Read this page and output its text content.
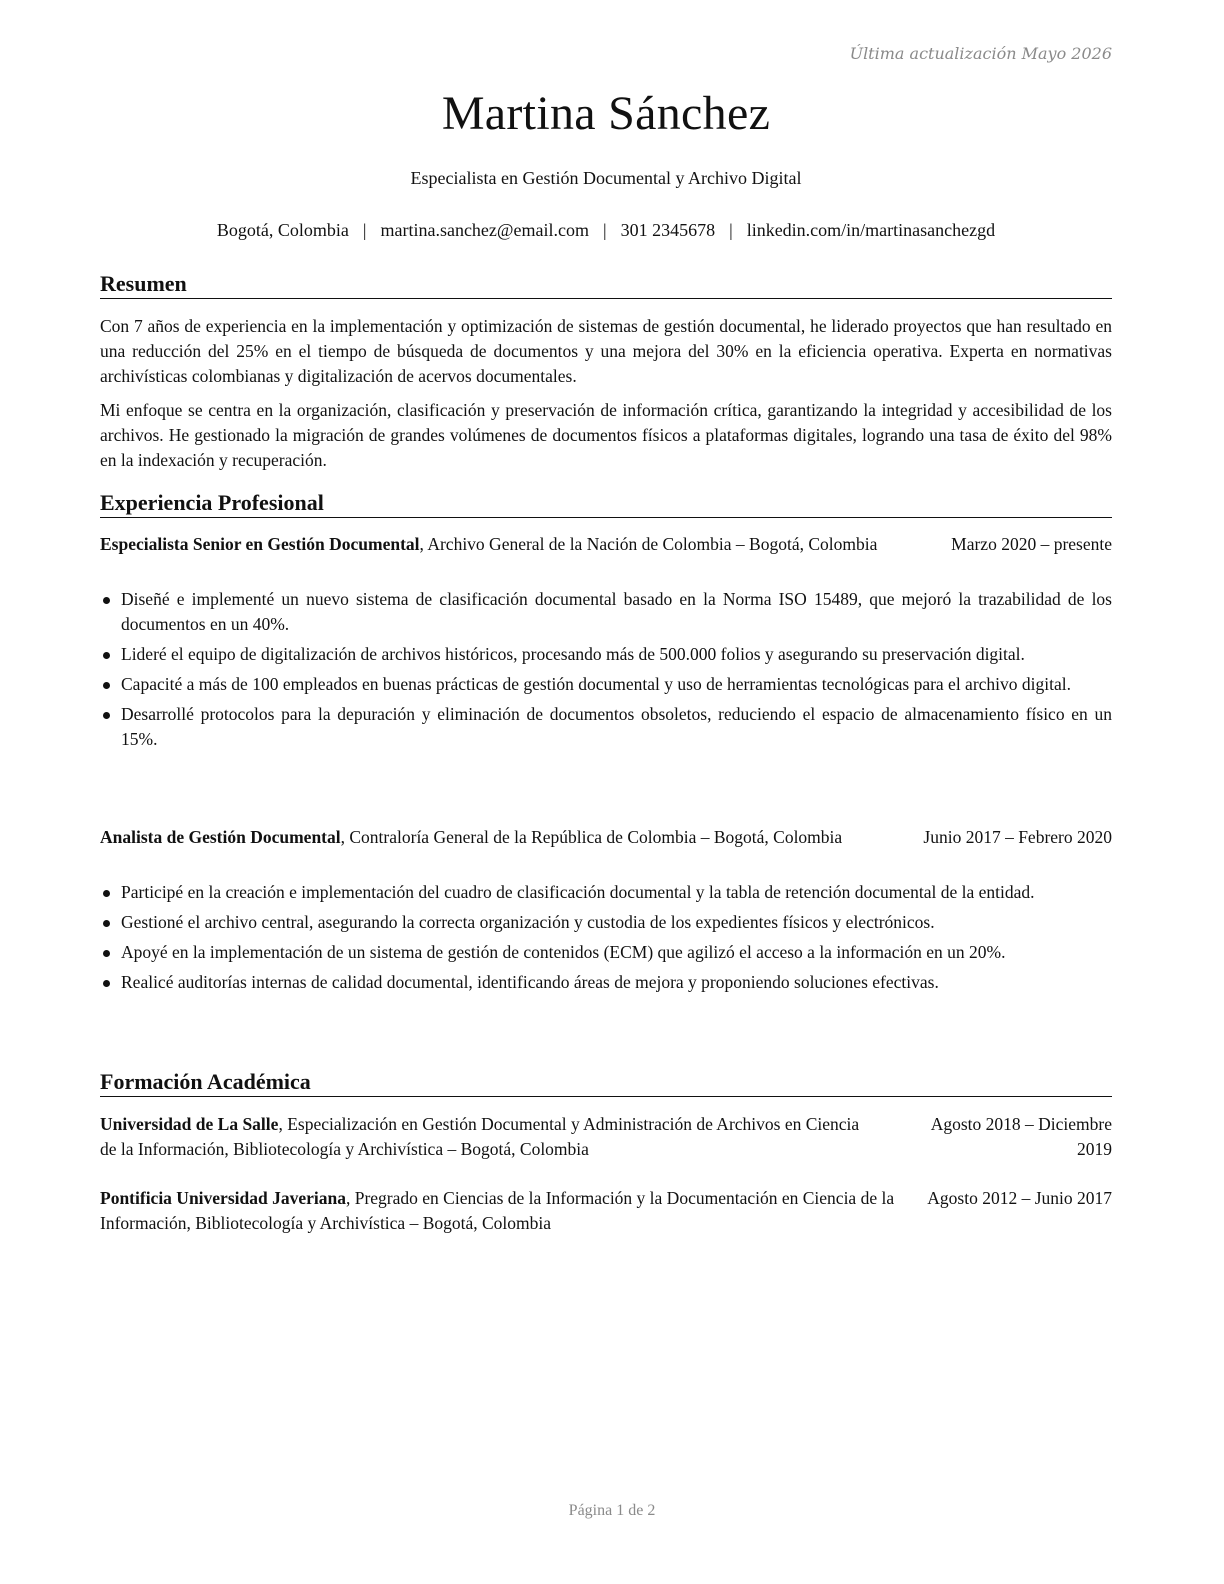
Última actualización Mayo 2026
Martina Sánchez
Especialista en Gestión Documental y Archivo Digital
Bogotá, Colombia | martina.sanchez@email.com | 301 2345678 | linkedin.com/in/martinasanchezgd
Resumen
Con 7 años de experiencia en la implementación y optimización de sistemas de gestión documental, he liderado proyectos que han resultado en una reducción del 25% en el tiempo de búsqueda de documentos y una mejora del 30% en la eficiencia operativa. Experta en normativas archivísticas colombianas y digitalización de acervos documentales.
Mi enfoque se centra en la organización, clasificación y preservación de información crítica, garantizando la integridad y accesibilidad de los archivos. He gestionado la migración de grandes volúmenes de documentos físicos a plataformas digitales, logrando una tasa de éxito del 98% en la indexación y recuperación.
Experiencia Profesional
Marzo 2020 – presente
Especialista Senior en Gestión Documental, Archivo General de la Nación de Colombia – Bogotá, Colombia
Diseñé e implementé un nuevo sistema de clasificación documental basado en la Norma ISO 15489, que mejoró la trazabilidad de los documentos en un 40%.
Lideré el equipo de digitalización de archivos históricos, procesando más de 500.000 folios y asegurando su preservación digital.
Capacité a más de 100 empleados en buenas prácticas de gestión documental y uso de herramientas tecnológicas para el archivo digital.
Desarrollé protocolos para la depuración y eliminación de documentos obsoletos, reduciendo el espacio de almacenamiento físico en un 15%.
Junio 2017 – Febrero 2020
Analista de Gestión Documental, Contraloría General de la República de Colombia – Bogotá, Colombia
Participé en la creación e implementación del cuadro de clasificación documental y la tabla de retención documental de la entidad.
Gestioné el archivo central, asegurando la correcta organización y custodia de los expedientes físicos y electrónicos.
Apoyé en la implementación de un sistema de gestión de contenidos (ECM) que agilizó el acceso a la información en un 20%.
Realicé auditorías internas de calidad documental, identificando áreas de mejora y proponiendo soluciones efectivas.
Formación Académica
Agosto 2018 – Diciembre 2019
Universidad de La Salle, Especialización en Gestión Documental y Administración de Archivos en Ciencia de la Información, Bibliotecología y Archivística – Bogotá, Colombia
Agosto 2012 – Junio 2017
Pontificia Universidad Javeriana, Pregrado en Ciencias de la Información y la Documentación en Ciencia de la Información, Bibliotecología y Archivística – Bogotá, Colombia
Página 1 de 2
